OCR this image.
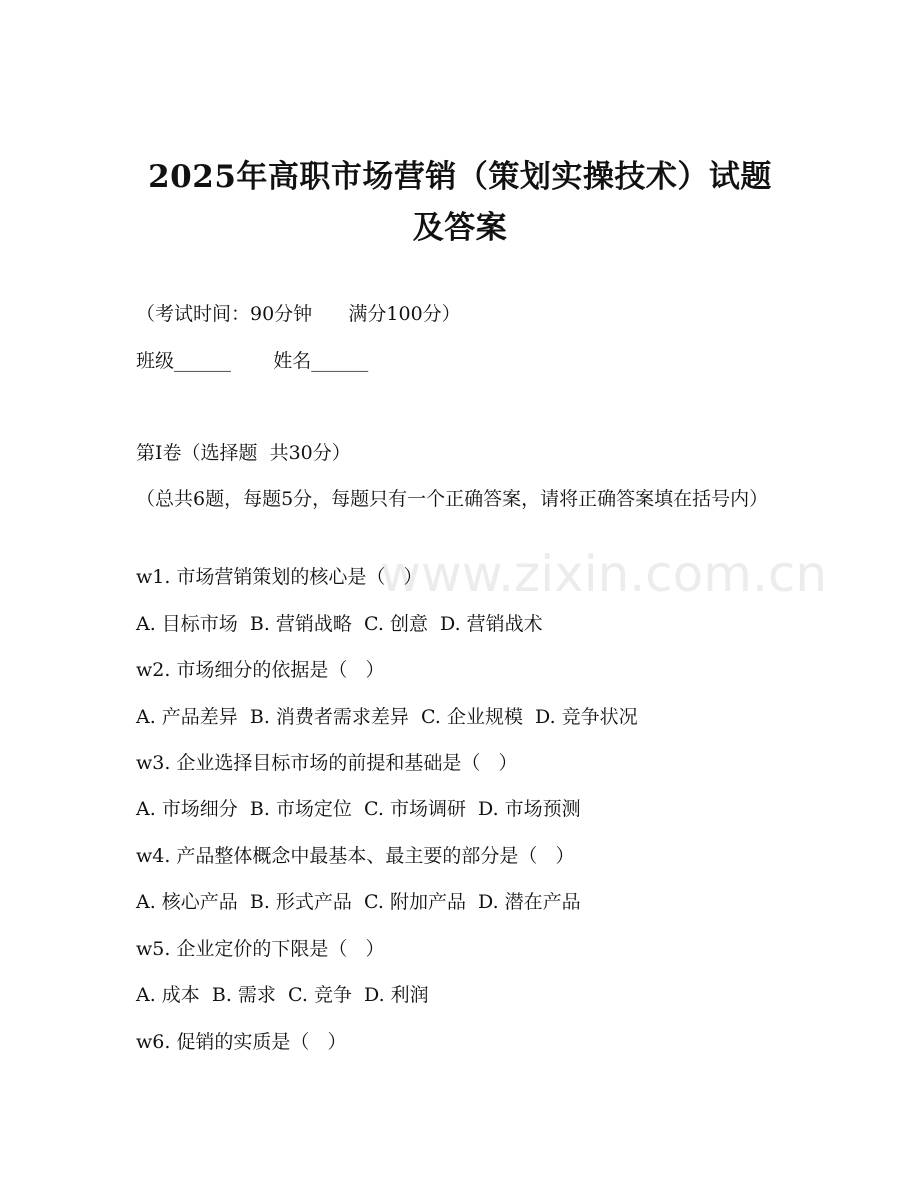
www.zixin.com.cn
2025年高职市场营销（策划实操技术）试题
及答案
（考试时间：90分钟      满分100分）
班级______       姓名______
第I卷（选择题  共30分）
（总共6题，每题5分，每题只有一个正确答案，请将正确答案填在括号内）
w1. 市场营销策划的核心是（   ）
A. 目标市场  B. 营销战略  C. 创意  D. 营销战术
w2. 市场细分的依据是（   ）
A. 产品差异  B. 消费者需求差异  C. 企业规模  D. 竞争状况
w3. 企业选择目标市场的前提和基础是（   ）
A. 市场细分  B. 市场定位  C. 市场调研  D. 市场预测
w4. 产品整体概念中最基本、最主要的部分是（   ）
A. 核心产品  B. 形式产品  C. 附加产品  D. 潜在产品
w5. 企业定价的下限是（   ）
A. 成本  B. 需求  C. 竞争  D. 利润
w6. 促销的实质是（   ）
